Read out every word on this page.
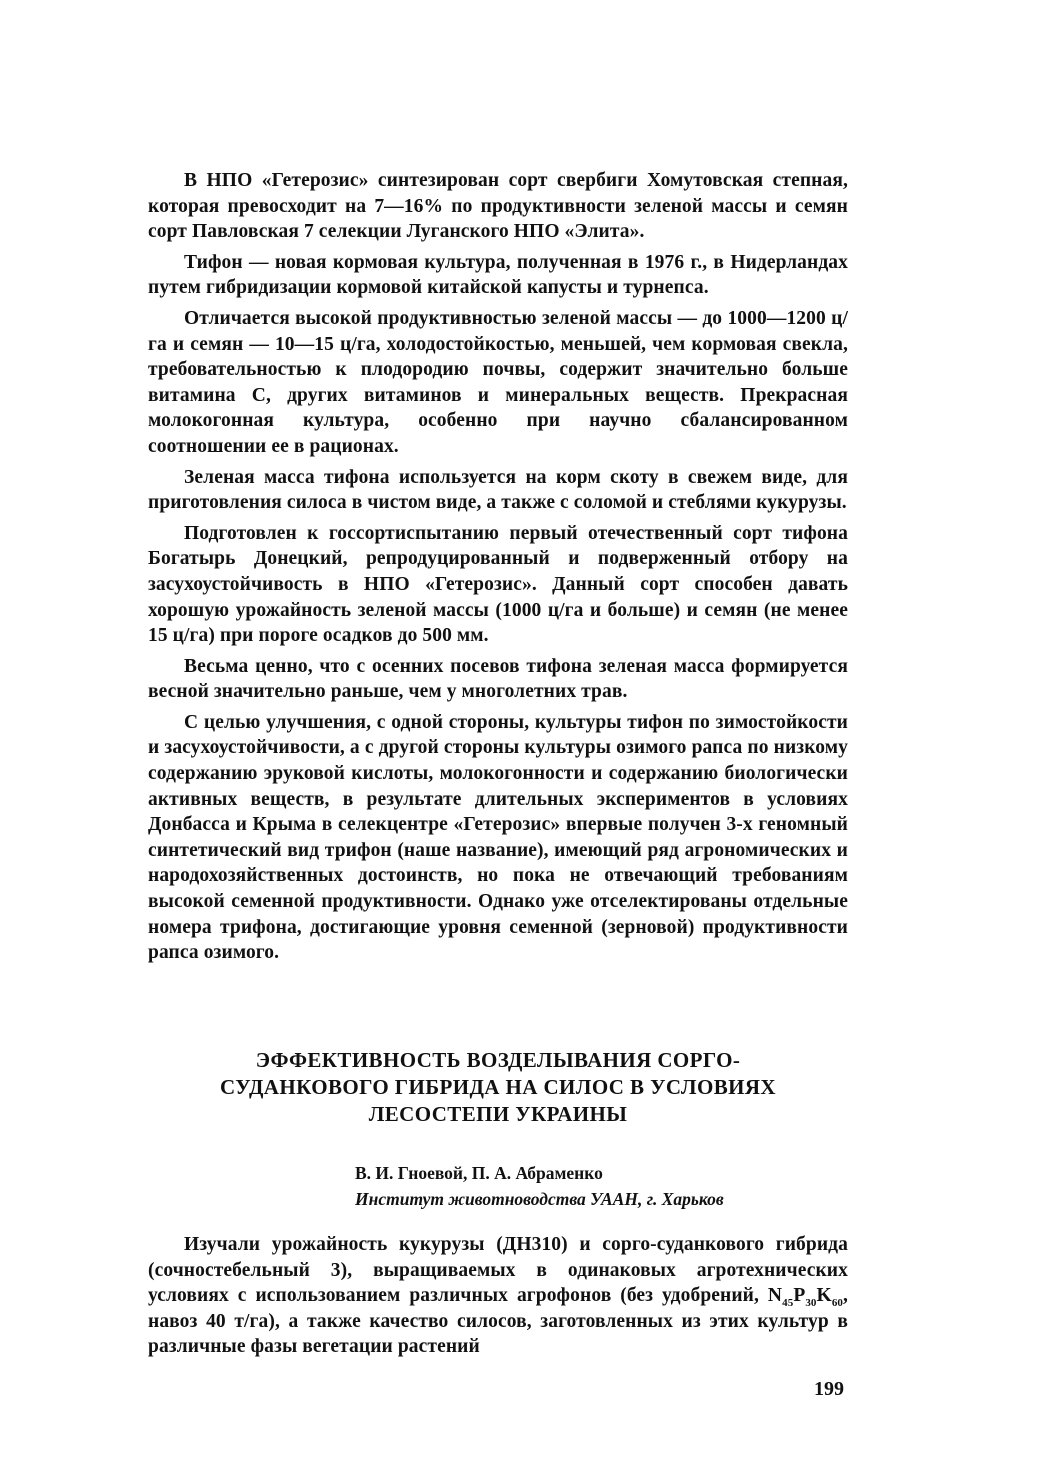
В НПО «Гетерозис» синтезирован сорт свербиги Хомутовская степная, которая превосходит на 7—16% по продуктивности зеленой массы и семян сорт Павловская 7 селекции Луганского НПО «Элита».

Тифон — новая кормовая культура, полученная в 1976 г., в Нидерландах путем гибридизации кормовой китайской капусты и турнепса.

Отличается высокой продуктивностью зеленой массы — до 1000—1200 ц/га и семян — 10—15 ц/га, холодостойкостью, меньшей, чем кормовая свекла, требовательностью к плодородию почвы, содержит значительно больше витамина С, других витаминов и минеральных веществ. Прекрасная молокогонная культура, особенно при научно сбалансированном соотношении ее в рационах.

Зеленая масса тифона используется на корм скоту в свежем виде, для приготовления силоса в чистом виде, а также с соломой и стеблями кукурузы.

Подготовлен к госсортиспытанию первый отечественный сорт тифона Богатырь Донецкий, репродуцированный и подверженный отбору на засухоустойчивость в НПО «Гетерозис». Данный сорт способен давать хорошую урожайность зеленой массы (1000 ц/га и больше) и семян (не менее 15 ц/га) при пороге осадков до 500 мм.

Весьма ценно, что с осенних посевов тифона зеленая масса формируется весной значительно раньше, чем у многолетних трав.

С целью улучшения, с одной стороны, культуры тифон по зимостойкости и засухоустойчивости, а с другой стороны культуры озимого рапса по низкому содержанию эруковой кислоты, молокогонности и содержанию биологически активных веществ, в результате длительных экспериментов в условиях Донбасса и Крыма в селекцентре «Гетерозис» впервые получен 3-х геномный синтетический вид трифон (наше название), имеющий ряд агрономических и народохозяйственных достоинств, но пока не отвечающий требованиям высокой семенной продуктивности. Однако уже отселектированы отдельные номера трифона, достигающие уровня семенной (зерновой) продуктивности рапса озимого.

ЭФФЕКТИВНОСТЬ ВОЗДЕЛЫВАНИЯ СОРГО-
СУДАНКОВОГО ГИБРИДА НА СИЛОС В УСЛОВИЯХ
ЛЕСОСТЕПИ УКРАИНЫ
В. И. Гноевой, П. А. Абраменко
Институт животноводства УААН, г. Харьков

Изучали урожайность кукурузы (ДН310) и сорго-суданкового гибрида (сочностебельный 3), выращиваемых в одинаковых агротехнических условиях с использованием различных агрофонов (без удобрений, $N_{45}P_{30}K_{60}$, навоз 40 т/га), а также качество силосов, заготовленных из этих культур в различные фазы вегетации растений

199
